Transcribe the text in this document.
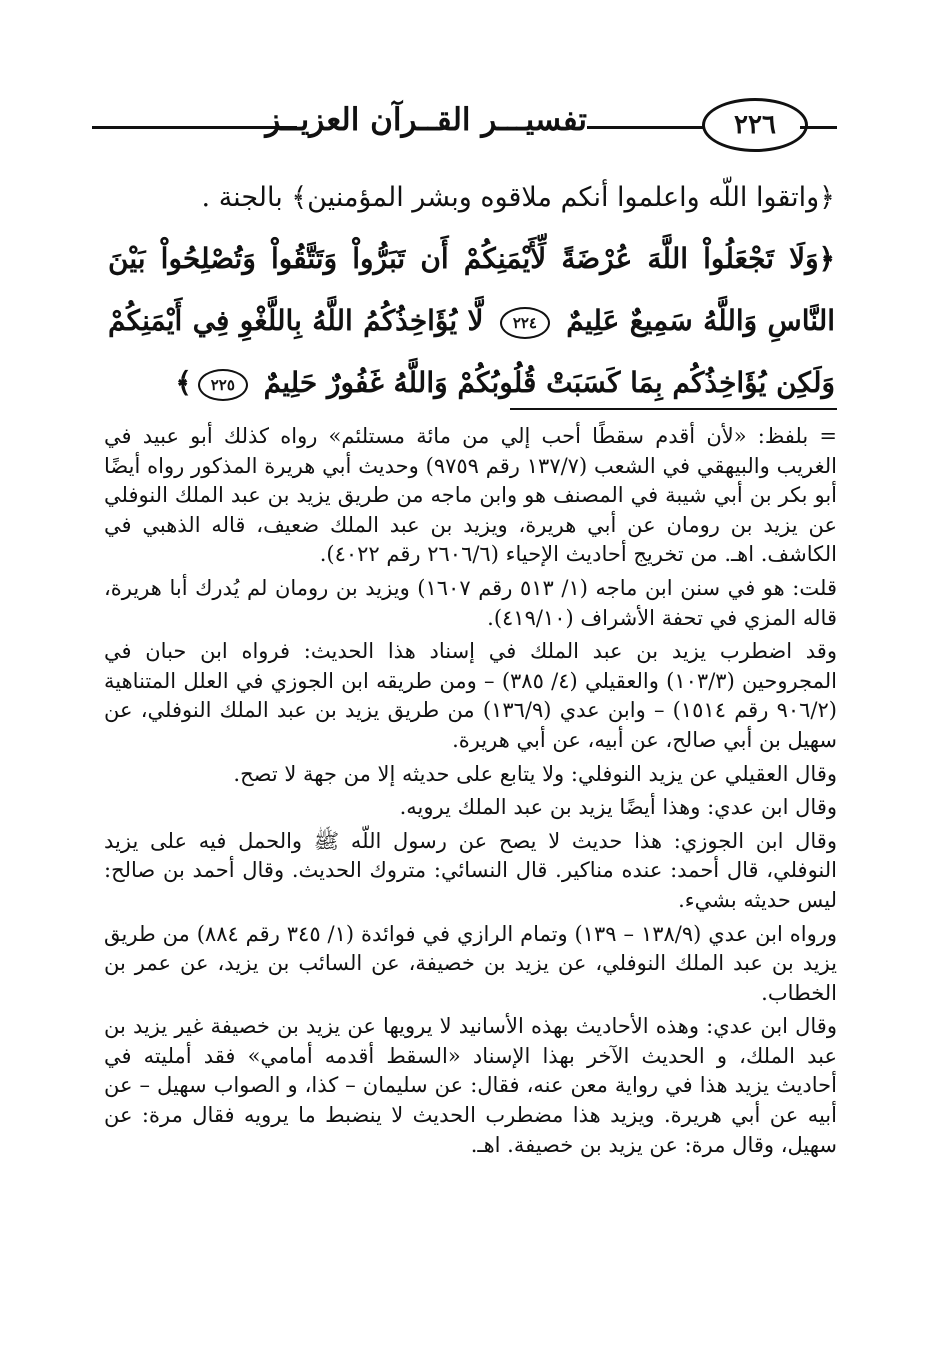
تفسيـــر القــرآن العزيــز	٢٢٦

﴿واتقوا اللّه واعلموا أنكم ملاقوه وبشر المؤمنين﴾ بالجنة .

﴿وَلَا تَجْعَلُواْ اللَّهَ عُرْضَةً لِّأَيْمَنِكُمْ أَن تَبَرُّواْ وَتَتَّقُواْ وَتُصْلِحُواْ بَيْنَ النَّاسِ وَاللَّهُ سَمِيعٌ عَلِيمٌ ٢٢٤ لَّا يُؤَاخِذُكُمُ اللَّهُ بِاللَّغْوِ فِي أَيْمَنِكُمْ وَلَكِن يُؤَاخِذُكُم بِمَا كَسَبَتْ قُلُوبُكُمْ وَاللَّهُ غَفُورٌ حَلِيمٌ ٢٢٥﴾

= بلفظ: «لأن أقدم سقطًا أحب إلي من مائة مستلئم» رواه كذلك أبو عبيد في الغريب والبيهقي في الشعب (١٣٧/٧ رقم ٩٧٥٩) وحديث أبي هريرة المذكور رواه أيضًا أبو بكر بن أبي شيبة في المصنف هو وابن ماجه من طريق يزيد بن عبد الملك النوفلي عن يزيد بن رومان عن أبي هريرة، ويزيد بن عبد الملك ضعيف، قاله الذهبي في الكاشف. اهـ. من تخريج أحاديث الإحياء (٢٦٠٦/٦ رقم ٤٠٢٢).

قلت: هو في سنن ابن ماجه (١/ ٥١٣ رقم ١٦٠٧) ويزيد بن رومان لم يُدرك أبا هريرة، قاله المزي في تحفة الأشراف (٤١٩/١٠).

وقد اضطرب يزيد بن عبد الملك في إسناد هذا الحديث: فرواه ابن حبان في المجروحين (١٠٣/٣) والعقيلي (٤/ ٣٨٥) – ومن طريقه ابن الجوزي في العلل المتناهية (٩٠٦/٢ رقم ١٥١٤) – وابن عدي (١٣٦/٩) من طريق يزيد بن عبد الملك النوفلي، عن سهيل بن أبي صالح، عن أبيه، عن أبي هريرة.

وقال العقيلي عن يزيد النوفلي: ولا يتابع على حديثه إلا من جهة لا تصح.

وقال ابن عدي: وهذا أيضًا يزيد بن عبد الملك يرويه.

وقال ابن الجوزي: هذا حديث لا يصح عن رسول اللّه ﷺ والحمل فيه على يزيد النوفلي، قال أحمد: عنده مناكير. قال النسائي: متروك الحديث. وقال أحمد بن صالح: ليس حديثه بشيء.

ورواه ابن عدي (١٣٨/٩ – ١٣٩) وتمام الرازي في فوائدة (١/ ٣٤٥ رقم ٨٨٤) من طريق يزيد بن عبد الملك النوفلي، عن يزيد بن خصيفة، عن السائب بن يزيد، عن عمر بن الخطاب.

وقال ابن عدي: وهذه الأحاديث بهذه الأسانيد لا يرويها عن يزيد بن خصيفة غير يزيد بن عبد الملك، و الحديث الآخر بهذا الإسناد «السقط أقدمه أمامي» فقد أمليته في أحاديث يزيد هذا في رواية معن عنه، فقال: عن سليمان – كذا، و الصواب سهيل – عن أبيه عن أبي هريرة. ويزيد هذا مضطرب الحديث لا ينضبط ما يرويه فقال مرة: عن سهيل، وقال مرة: عن يزيد بن خصيفة. اهـ.
